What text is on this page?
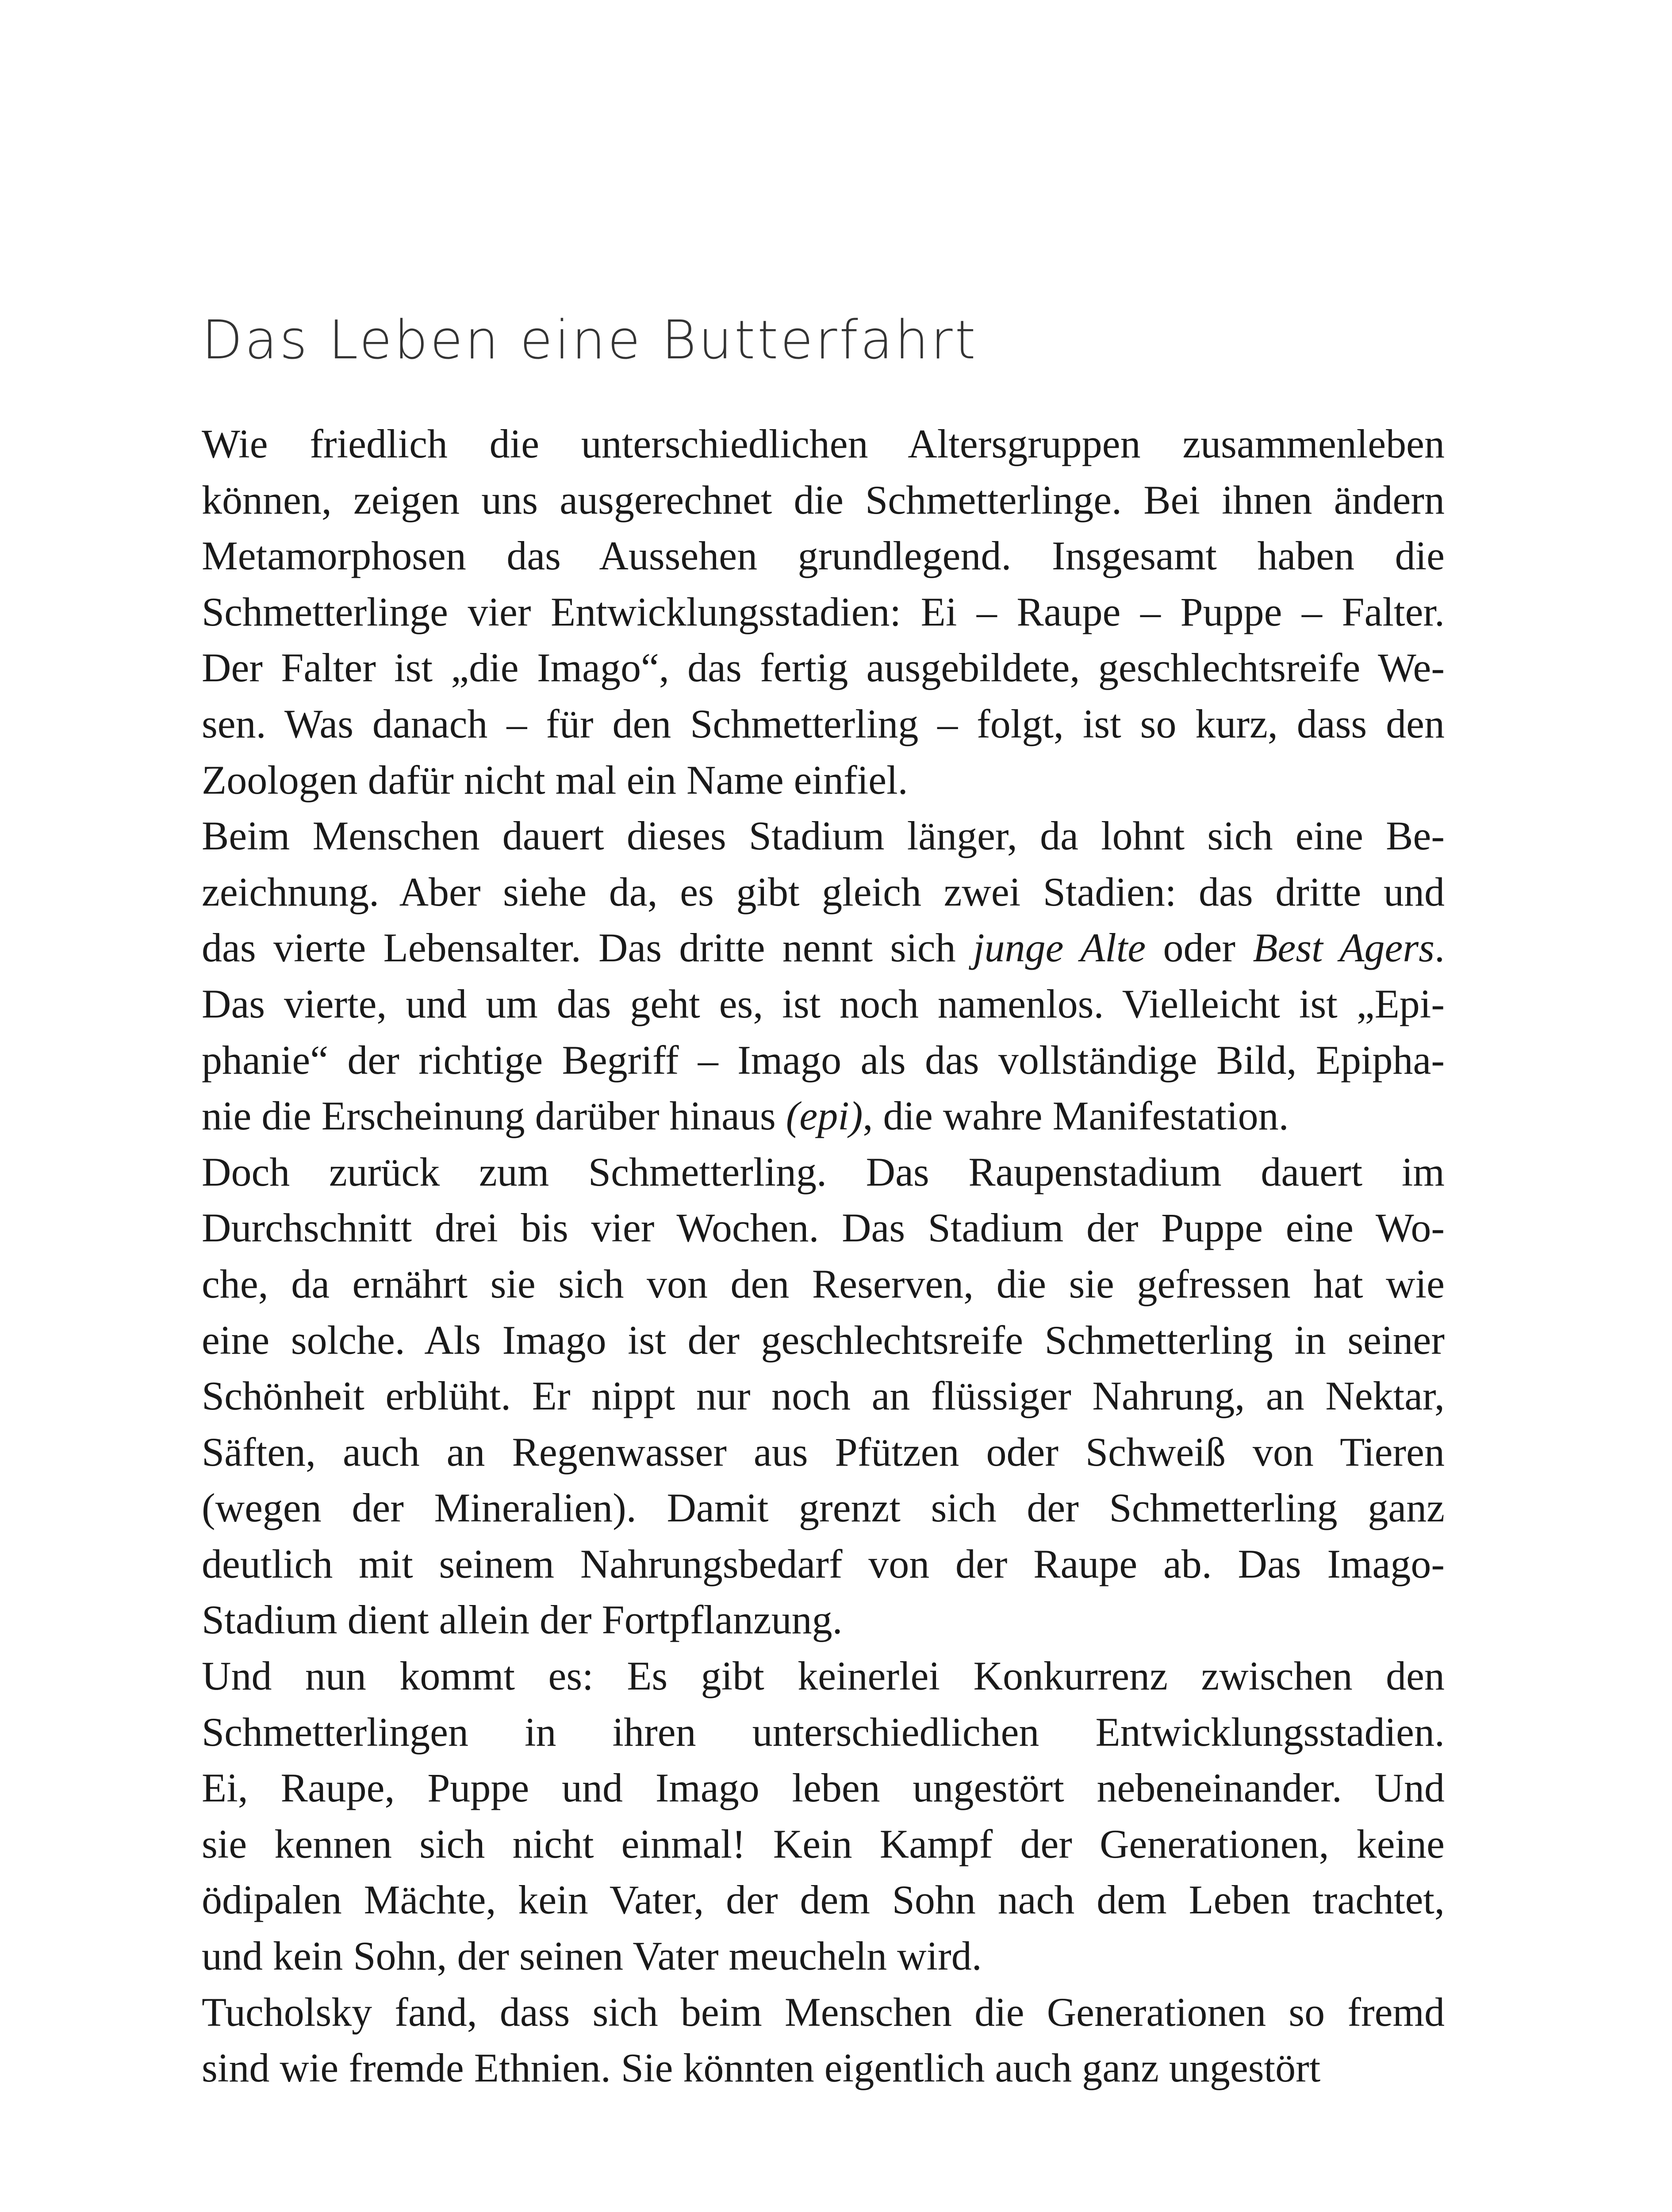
Das Leben eine Butterfahrt
Wie friedlich die unterschiedlichen Altersgruppen zusammenleben
können, zeigen uns ausgerechnet die Schmetterlinge. Bei ihnen ändern
Metamorphosen das Aussehen grundlegend. Insgesamt haben die
Schmetterlinge vier Entwicklungsstadien: Ei – Raupe – Puppe – Falter.
Der Falter ist „die Imago“, das fertig ausgebildete, geschlechtsreife We-
sen. Was danach – für den Schmetterling – folgt, ist so kurz, dass den
Zoologen dafür nicht mal ein Name einfiel.
Beim Menschen dauert dieses Stadium länger, da lohnt sich eine Be-
zeichnung. Aber siehe da, es gibt gleich zwei Stadien: das dritte und
das vierte Lebensalter. Das dritte nennt sich junge Alte oder Best Agers.
Das vierte, und um das geht es, ist noch namenlos. Vielleicht ist „Epi-
phanie“ der richtige Begriff – Imago als das vollständige Bild, Epipha-
nie die Erscheinung darüber hinaus (epi), die wahre Manifestation.
Doch zurück zum Schmetterling. Das Raupenstadium dauert im
Durchschnitt drei bis vier Wochen. Das Stadium der Puppe eine Wo-
che, da ernährt sie sich von den Reserven, die sie gefressen hat wie
eine solche. Als Imago ist der geschlechtsreife Schmetterling in seiner
Schönheit erblüht. Er nippt nur noch an flüssiger Nahrung, an Nektar,
Säften, auch an Regenwasser aus Pfützen oder Schweiß von Tieren
(wegen der Mineralien). Damit grenzt sich der Schmetterling ganz
deutlich mit seinem Nahrungsbedarf von der Raupe ab. Das Imago-
Stadium dient allein der Fortpflanzung.
Und nun kommt es: Es gibt keinerlei Konkurrenz zwischen den
Schmetterlingen in ihren unterschiedlichen Entwicklungsstadien.
Ei, Raupe, Puppe und Imago leben ungestört nebeneinander. Und
sie kennen sich nicht einmal! Kein Kampf der Generationen, keine
ödipalen Mächte, kein Vater, der dem Sohn nach dem Leben trachtet,
und kein Sohn, der seinen Vater meucheln wird.
Tucholsky fand, dass sich beim Menschen die Generationen so fremd
sind wie fremde Ethnien. Sie könnten eigentlich auch ganz ungestört
